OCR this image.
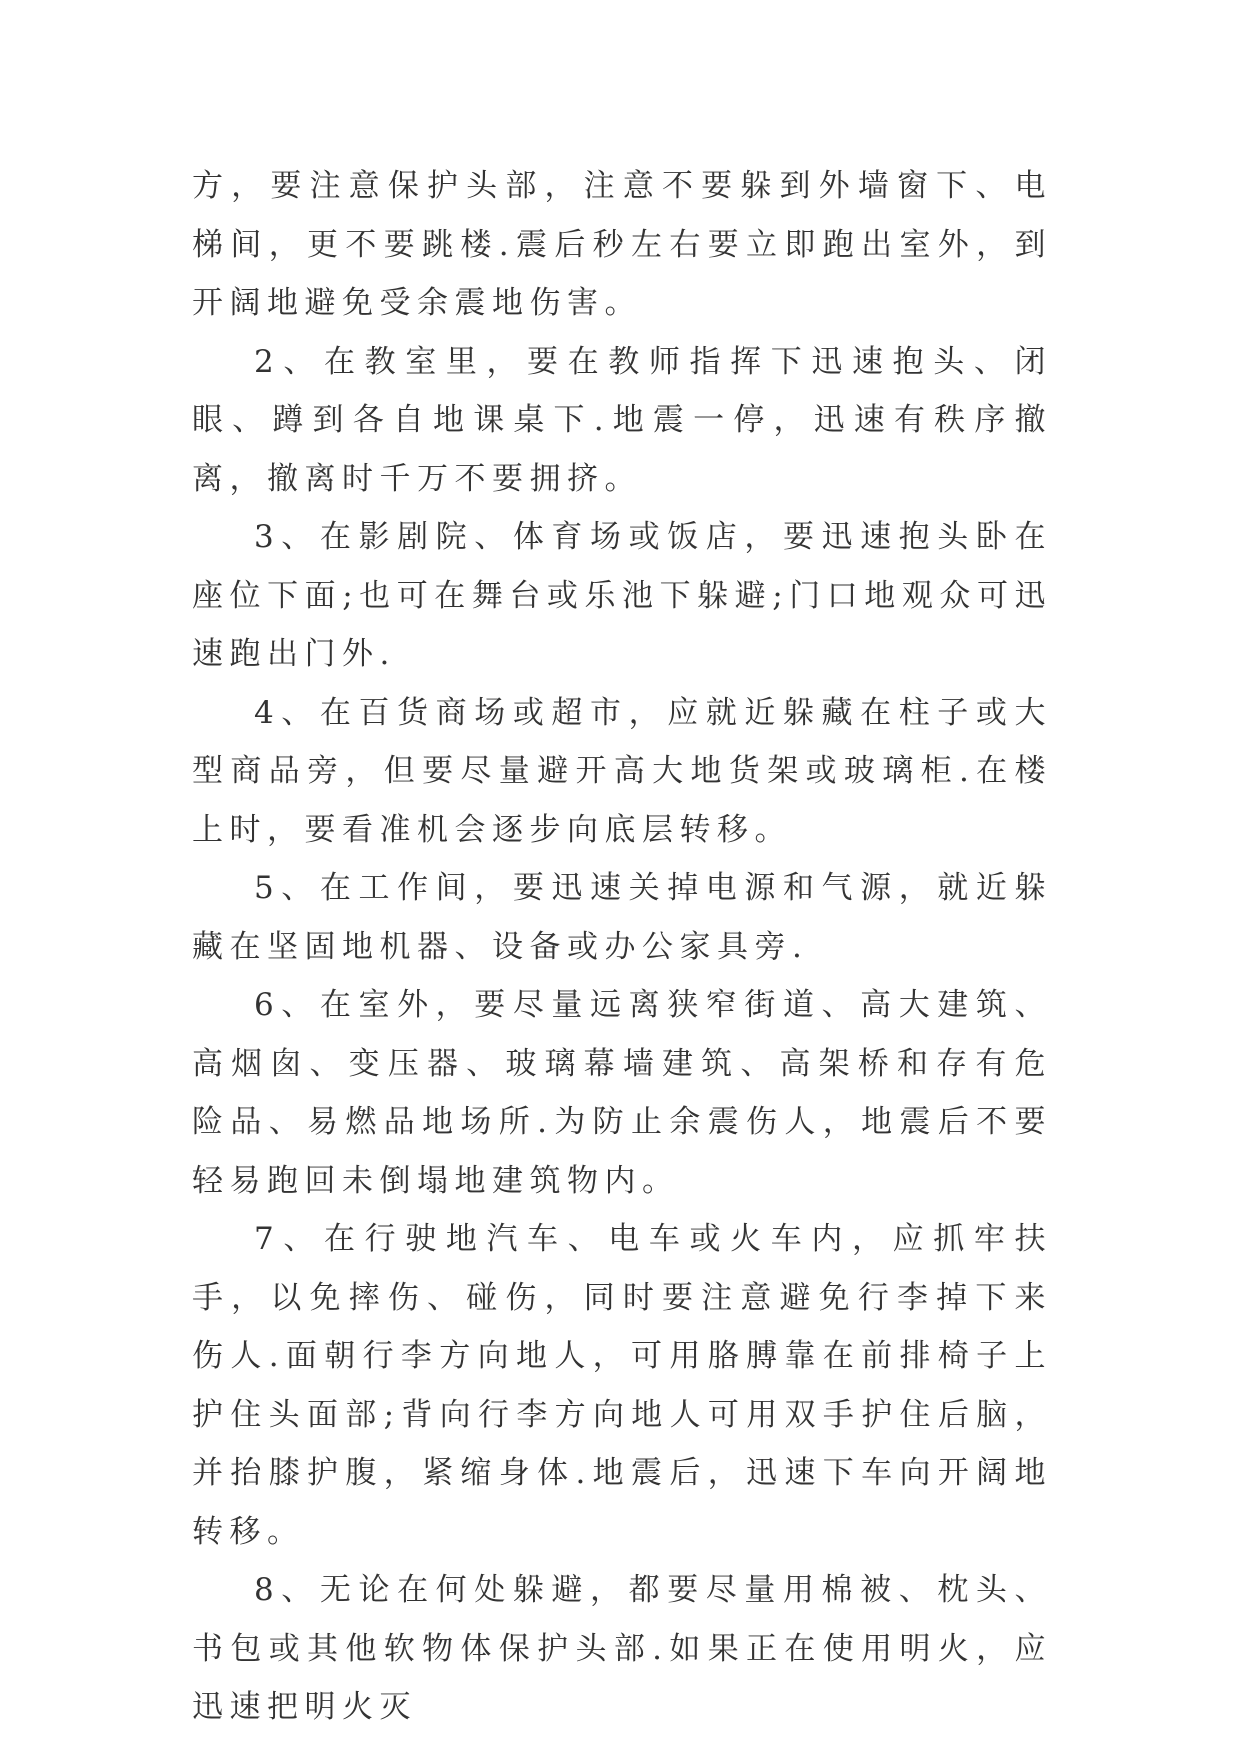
方，要注意保护头部，注意不要躲到外墙窗下、电梯间，更不要跳楼.震后秒左右要立即跑出室外，到开阔地避免受余震地伤害。

2、在教室里，要在教师指挥下迅速抱头、闭眼、蹲到各自地课桌下.地震一停，迅速有秩序撤离，撤离时千万不要拥挤。

3、在影剧院、体育场或饭店，要迅速抱头卧在座位下面;也可在舞台或乐池下躲避;门口地观众可迅速跑出门外.

4、在百货商场或超市，应就近躲藏在柱子或大型商品旁，但要尽量避开高大地货架或玻璃柜.在楼上时，要看准机会逐步向底层转移。

5、在工作间，要迅速关掉电源和气源，就近躲藏在坚固地机器、设备或办公家具旁.

6、在室外，要尽量远离狭窄街道、高大建筑、高烟囱、变压器、玻璃幕墙建筑、高架桥和存有危险品、易燃品地场所.为防止余震伤人，地震后不要轻易跑回未倒塌地建筑物内。

7、在行驶地汽车、电车或火车内，应抓牢扶手，以免摔伤、碰伤，同时要注意避免行李掉下来伤人.面朝行李方向地人，可用胳膊靠在前排椅子上护住头面部;背向行李方向地人可用双手护住后脑，并抬膝护腹，紧缩身体.地震后，迅速下车向开阔地转移。

8、无论在何处躲避，都要尽量用棉被、枕头、书包或其他软物体保护头部.如果正在使用明火，应迅速把明火灭
